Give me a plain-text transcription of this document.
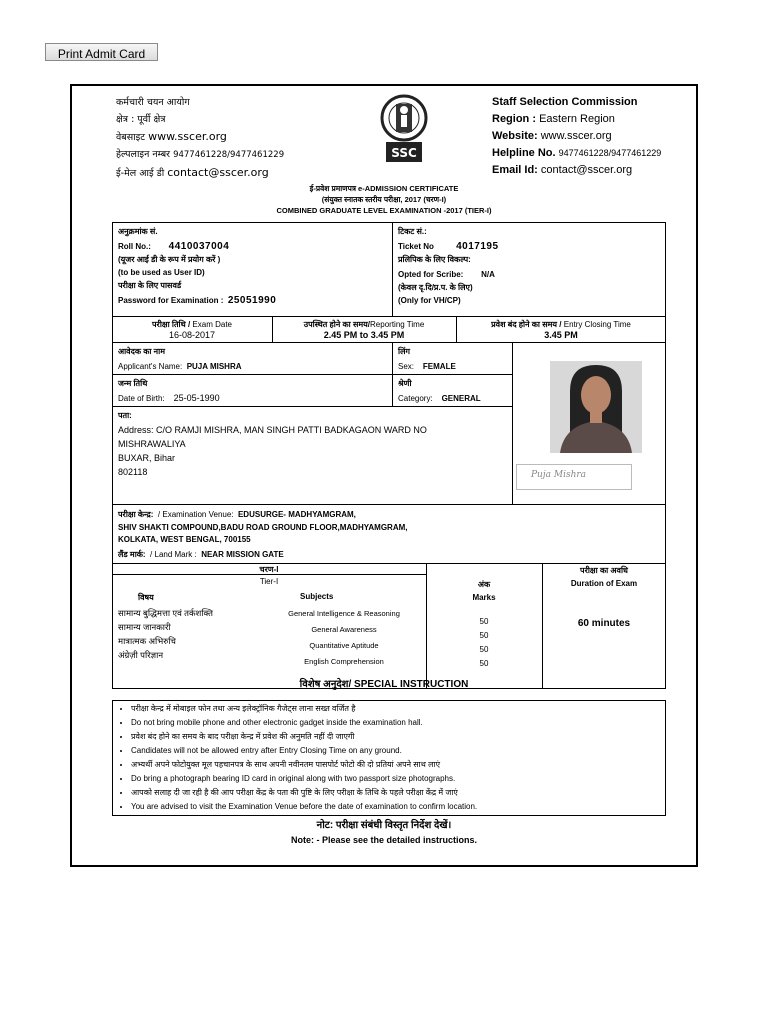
Print Admit Card
कर्मचारी चयन आयोग
क्षेत्र : पूर्वी क्षेत्र
वेबसाइट www.sscer.org
हेल्पलाइन नम्बर 9477461228/9477461229
ई-मेल आई डी contact@sscer.org
SSC
Staff Selection Commission
Region : Eastern Region
Website: www.sscer.org
Helpline No. 9477461228/9477461229
Email Id: contact@sscer.org
ई-प्रवेश प्रमाणपत्र e-ADMISSION CERTIFICATE
(संयुक्त स्नातक स्तरीय परीक्षा, 2017 (चरण-I)
COMBINED GRADUATE LEVEL EXAMINATION -2017 (TIER-I)
अनुक्रमांक सं.
Roll No.: 4410037004
(यूजर आई डी के रूप में प्रयोग करें )
(to be used as User ID)
परीक्षा के लिए पासवर्ड
Password for Examination : 25051990
टिकट सं.:
Ticket No 4017195
प्रलिपिक के लिए विकल्प:
Opted for Scribe: N/A
(केवल दृ.दि/प्र.प. के लिए)
(Only for VH/CP)
परीक्षा तिथि / Exam Date
16-08-2017
उपस्थित होने का समय/Reporting Time
2.45 PM to 3.45 PM
प्रवेश बंद होने का समय / Entry Closing Time
3.45 PM
आवेदक का नाम
Applicant's Name: PUJA MISHRA
लिंग
Sex: FEMALE
जन्म तिथि
Date of Birth: 25-05-1990
श्रेणी
Category: GENERAL
पता:
Address: C/O RAMJI MISHRA, MAN SINGH PATTI BADKAGAON WARD NO
MISHRAWALIYA
BUXAR, Bihar
802118	Puja Mishra
परीक्षा केन्द्र: / Examination Venue: EDUSURGE- MADHYAMGRAM,
SHIV SHAKTI COMPOUND,BADU ROAD GROUND FLOOR,MADHYAMGRAM,
KOLKATA, WEST BENGAL, 700155
लैंड मार्क: / Land Mark : NEAR MISSION GATE
चरण-I
Tier-I
विषय	Subjects
अंक
Marks
परीक्षा का अवधि
Duration of Exam
60 minutes
सामान्य बुद्धिमत्ता एवं तर्कशक्ति
सामान्य जानकारी
मात्रात्मक अभिरुचि
अंग्रेज़ी परिज्ञान
General Intelligence & Reasoning
General Awareness
Quantitative Aptitude
English Comprehension
50
50
50
50
विशेष अनुदेश/ SPECIAL INSTRUCTION
• परीक्षा केन्द्र में मोबाइल फोन तथा अन्य इलेक्ट्रॉनिक गैजेट्स लाना सख्त वर्जित है
• Do not bring mobile phone and other electronic gadget inside the examination hall.
• प्रवेश बंद होने का समय के बाद परीक्षा केन्द्र में प्रवेश की अनुमति नहीं दी जाएगी
• Candidates will not be allowed entry after Entry Closing Time on any ground.
• अभ्यर्थी अपने फोटोयुक्त मूल पहचानपत्र के साथ अपनी नवीनतम पासपोर्ट फोटो की दो प्रतियां अपने साथ लाएं
• Do bring a photograph bearing ID card in original along with two passport size photographs.
• आपको सलाह दी जा रही है की आप परीक्षा केंद्र के पता की पुष्टि के लिए परीक्षा के तिथि के पहले परीक्षा केंद्र में जाएं
• You are advised to visit the Examination Venue before the date of examination to confirm location.
नोट: परीक्षा संबंधी विस्तृत निर्देश देखें।
Note: - Please see the detailed instructions.
